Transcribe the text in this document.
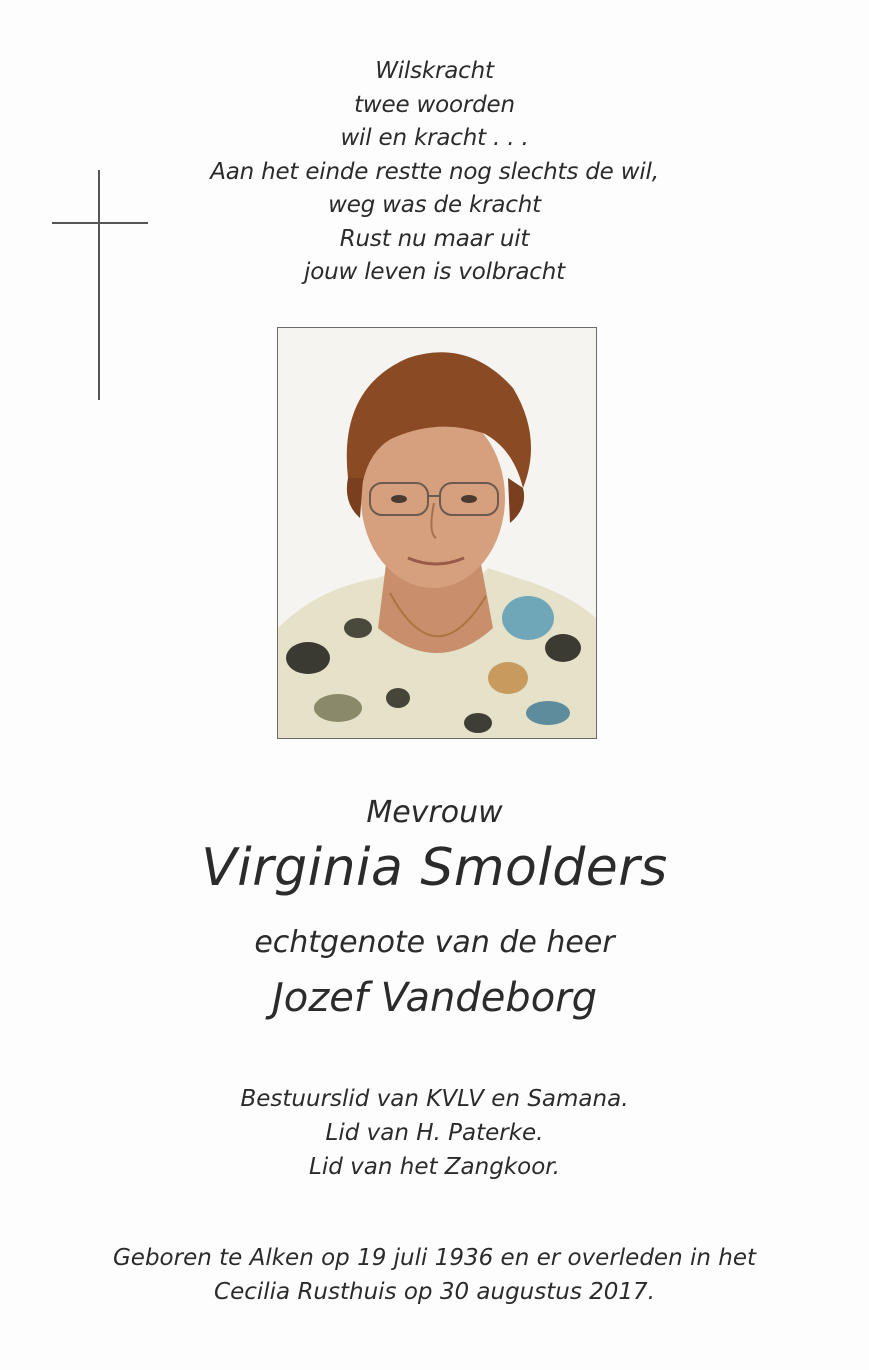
Wilskracht
twee woorden
wil en kracht . . .
Aan het einde restte nog slechts de wil,
weg was de kracht
Rust nu maar uit
jouw leven is volbracht
Mevrouw
Virginia Smolders
echtgenote van de heer
Jozef Vandeborg
Bestuurslid van KVLV en Samana.
Lid van H. Paterke.
Lid van het Zangkoor.
Geboren te Alken op 19 juli 1936 en er overleden in het
Cecilia Rusthuis op 30 augustus 2017.
